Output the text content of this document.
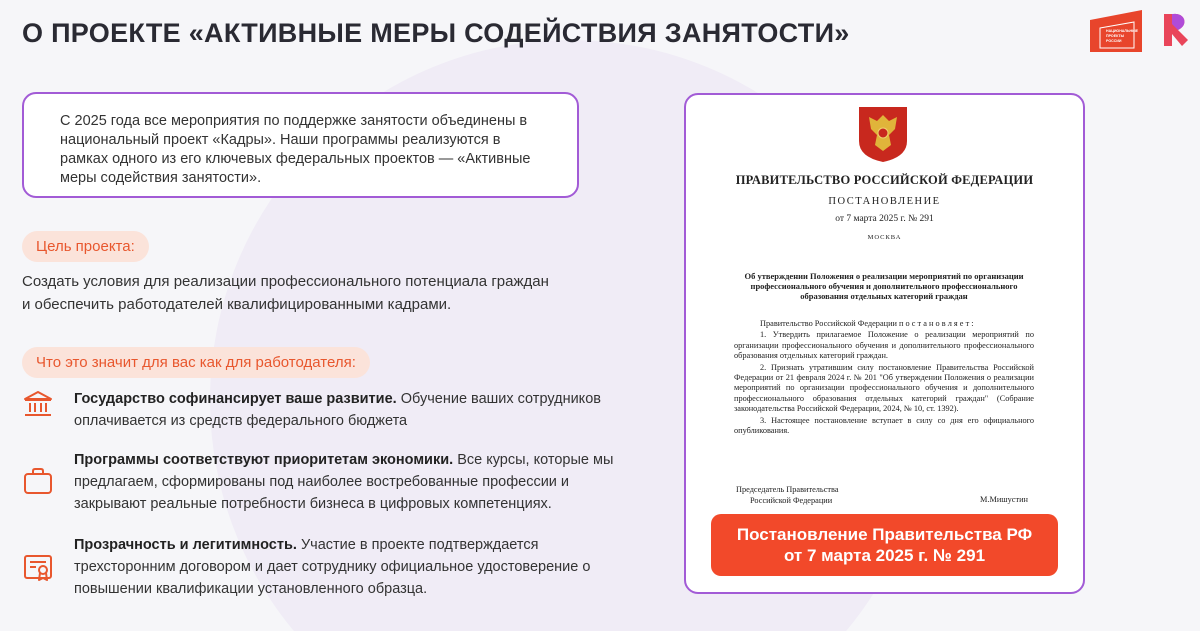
О ПРОЕКТЕ «АКТИВНЫЕ МЕРЫ СОДЕЙСТВИЯ ЗАНЯТОСТИ»
КАДРЫ
НАЦИОНАЛЬНЫЕ
ПРОЕКТЫ
РОССИИ

С 2025 года все мероприятия по поддержке занятости объединены в национальный проект «Кадры». Наши программы реализуются в рамках одного из его ключевых федеральных проектов — «Активные меры содействия занятости».

Цель проекта:
Создать условия для реализации профессионального потенциала граждан
и обеспечить работодателей квалифицированными кадрами.
Что это значит для вас как для работодателя:
Государство софинансирует ваше развитие. Обучение ваших сотрудников оплачивается из средств федерального бюджета
Программы соответствуют приоритетам экономики. Все курсы, которые мы предлагаем, сформированы под наиболее востребованные профессии и закрывают реальные потребности бизнеса в цифровых компетенциях.
Прозрачность и легитимность. Участие в проекте подтверждается трехсторонним договором и дает сотруднику официальное удостоверение о повышении квалификации установленного образца.
ПРАВИТЕЛЬСТВО РОССИЙСКОЙ ФЕДЕРАЦИИ
ПОСТАНОВЛЕНИЕ
от 7 марта 2025 г. № 291
МОСКВА
Об утверждении Положения о реализации мероприятий по организации профессионального обучения и дополнительного профессионального образования отдельных категорий граждан

Правительство Российской Федерации п о с т а н о в л я е т :

1. Утвердить прилагаемое Положение о реализации мероприятий по организации профессионального обучения и дополнительного профессионального образования отдельных категорий граждан.

2. Признать утратившим силу постановление Правительства Российской Федерации от 21 февраля 2024 г. № 201 "Об утверждении Положения о реализации мероприятий по организации профессионального обучения и дополнительного профессионального образования отдельных категорий граждан" (Собрание законодательства Российской Федерации, 2024, № 10, ст. 1392).

3. Настоящее постановление вступает в силу со дня его официального опубликования.

Председатель Правительства
Российской Федерации	М.Мишустин
Постановление Правительства РФ
от 7 марта 2025 г. № 291
